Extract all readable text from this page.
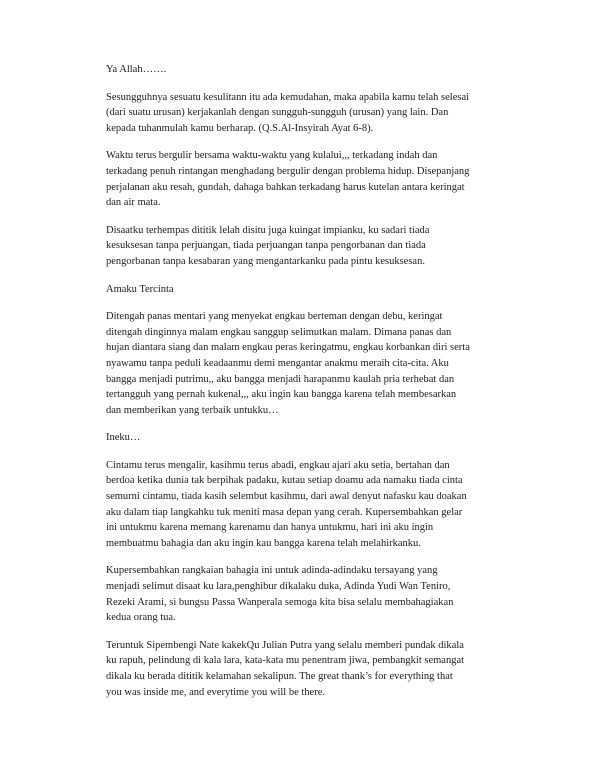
Ya Allah…….

Sesungguhnya sesuatu kesulitann itu ada kemudahan, maka apabila kamu telah selesai
(dari suatu urusan) kerjakanlah dengan sungguh-sungguh (urusan) yang lain. Dan
kepada tuhanmulah kamu berharap. (Q.S.Al-Insyirah Ayat 6-8).

Waktu terus bergulir bersama waktu-waktu yang kulalui,,, terkadang indah dan
terkadang penuh rintangan menghadang bergulir dengan problema hidup. Disepanjang
perjalanan aku resah, gundah, dahaga bahkan terkadang harus kutelan antara keringat
dan air mata.

Disaatku terhempas dititik lelah disitu juga kuingat impianku, ku sadari tiada
kesuksesan tanpa perjuangan, tiada perjuangan tanpa pengorbanan dan tiada
pengorbanan tanpa kesabaran yang mengantarkanku pada pintu kesuksesan.

Amaku Tercinta

Ditengah panas mentari yang menyekat engkau berteman dengan debu, keringat
ditengah dinginnya malam engkau sanggup selimutkan malam. Dimana panas dan
hujan diantara siang dan malam engkau peras keringatmu, engkau korbankan diri serta
nyawamu tanpa peduli keadaanmu demi mengantar anakmu meraih cita-cita. Aku
bangga menjadi putrimu,, aku bangga menjadi harapanmu kaulah pria terhebat dan
tertangguh yang pernah kukenal,,, aku ingin kau bangga karena telah membesarkan
dan memberikan yang terbaik untukku…

Ineku…

Cintamu terus mengalir, kasihmu terus abadi, engkau ajari aku setia, bertahan dan
berdoa ketika dunia tak berpihak padaku, kutau setiap doamu ada namaku tiada cinta
semurni cintamu, tiada kasih selembut kasihmu, dari awal denyut nafasku kau doakan
aku dalam tiap langkahku tuk meniti masa depan yang cerah. Kupersembahkan gelar
ini untukmu karena memang karenamu dan hanya untukmu, hari ini aku ingin
membuatmu bahagia dan aku ingin kau bangga karena telah melahirkanku.

Kupersembahkan rangkaian bahagia ini untuk adinda-adindaku tersayang yang
menjadi selimut disaat ku lara,penghibur dikalaku duka, Adinda Yudi Wan Teniro,
Rezeki Arami, si bungsu Passa Wanperala semoga kita bisa selalu membahagiakan
kedua orang tua.

Teruntuk Sipembengi Nate kakekQu Julian Putra yang selalu memberi pundak dikala
ku rapuh, pelindung di kala lara, kata-kata mu penentram jiwa, pembangkit semangat
dikala ku berada dititik kelamahan sekalipun. The great thank’s for everything that
you was inside me, and everytime you will be there.
